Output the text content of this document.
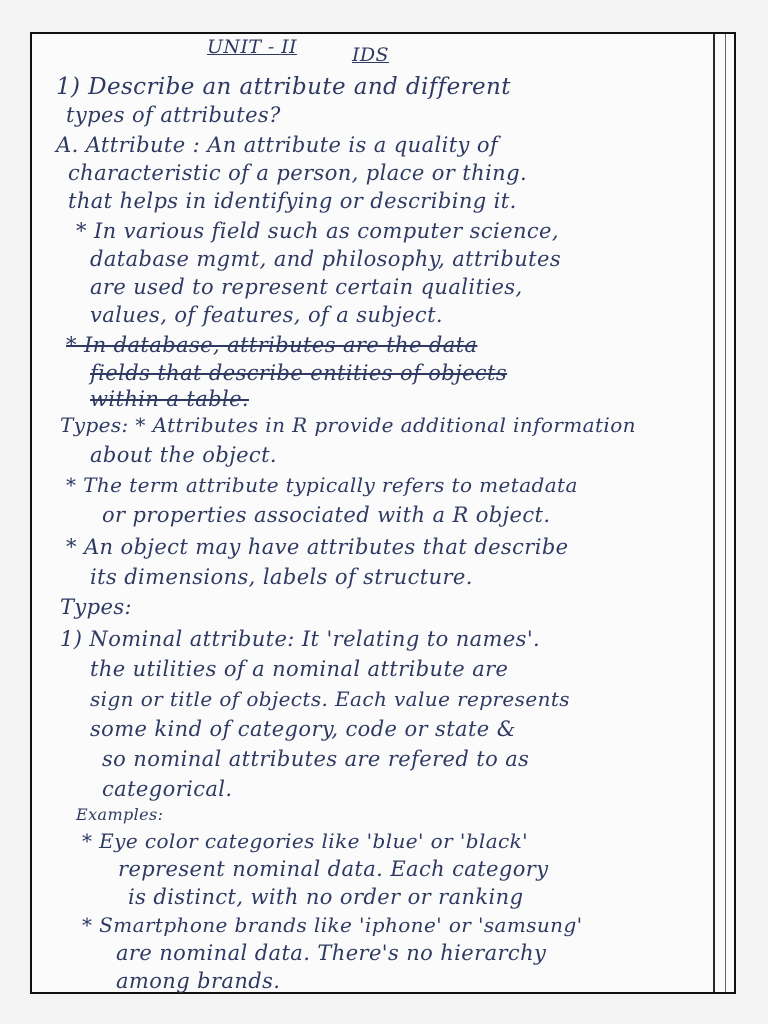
UNIT - II	IDS
1) Describe an attribute and different
types of attributes?
A. Attribute : An attribute is a quality of
characteristic of a person, place or thing.
that helps in identifying or describing it.
* In various field such as computer science,
database mgmt, and philosophy, attributes
are used to represent certain qualities,
values, of features, of a subject.
* In database, attributes are the data
fields that describe entities of objects
within a table.
Types: * Attributes in R provide additional information
about the object.
* The term attribute typically refers to metadata
or properties associated with a R object.
* An object may have attributes that describe
its dimensions, labels of structure.
Types:
1) Nominal attribute: It 'relating to names'.
the utilities of a nominal attribute are
sign or title of objects. Each value represents
some kind of category, code or state &
so nominal attributes are refered to as
categorical.
Examples:
* Eye color categories like 'blue' or 'black'
represent nominal data. Each category
is distinct, with no order or ranking
* Smartphone brands like 'iphone' or 'samsung'
are nominal data. There's no hierarchy
among brands.
